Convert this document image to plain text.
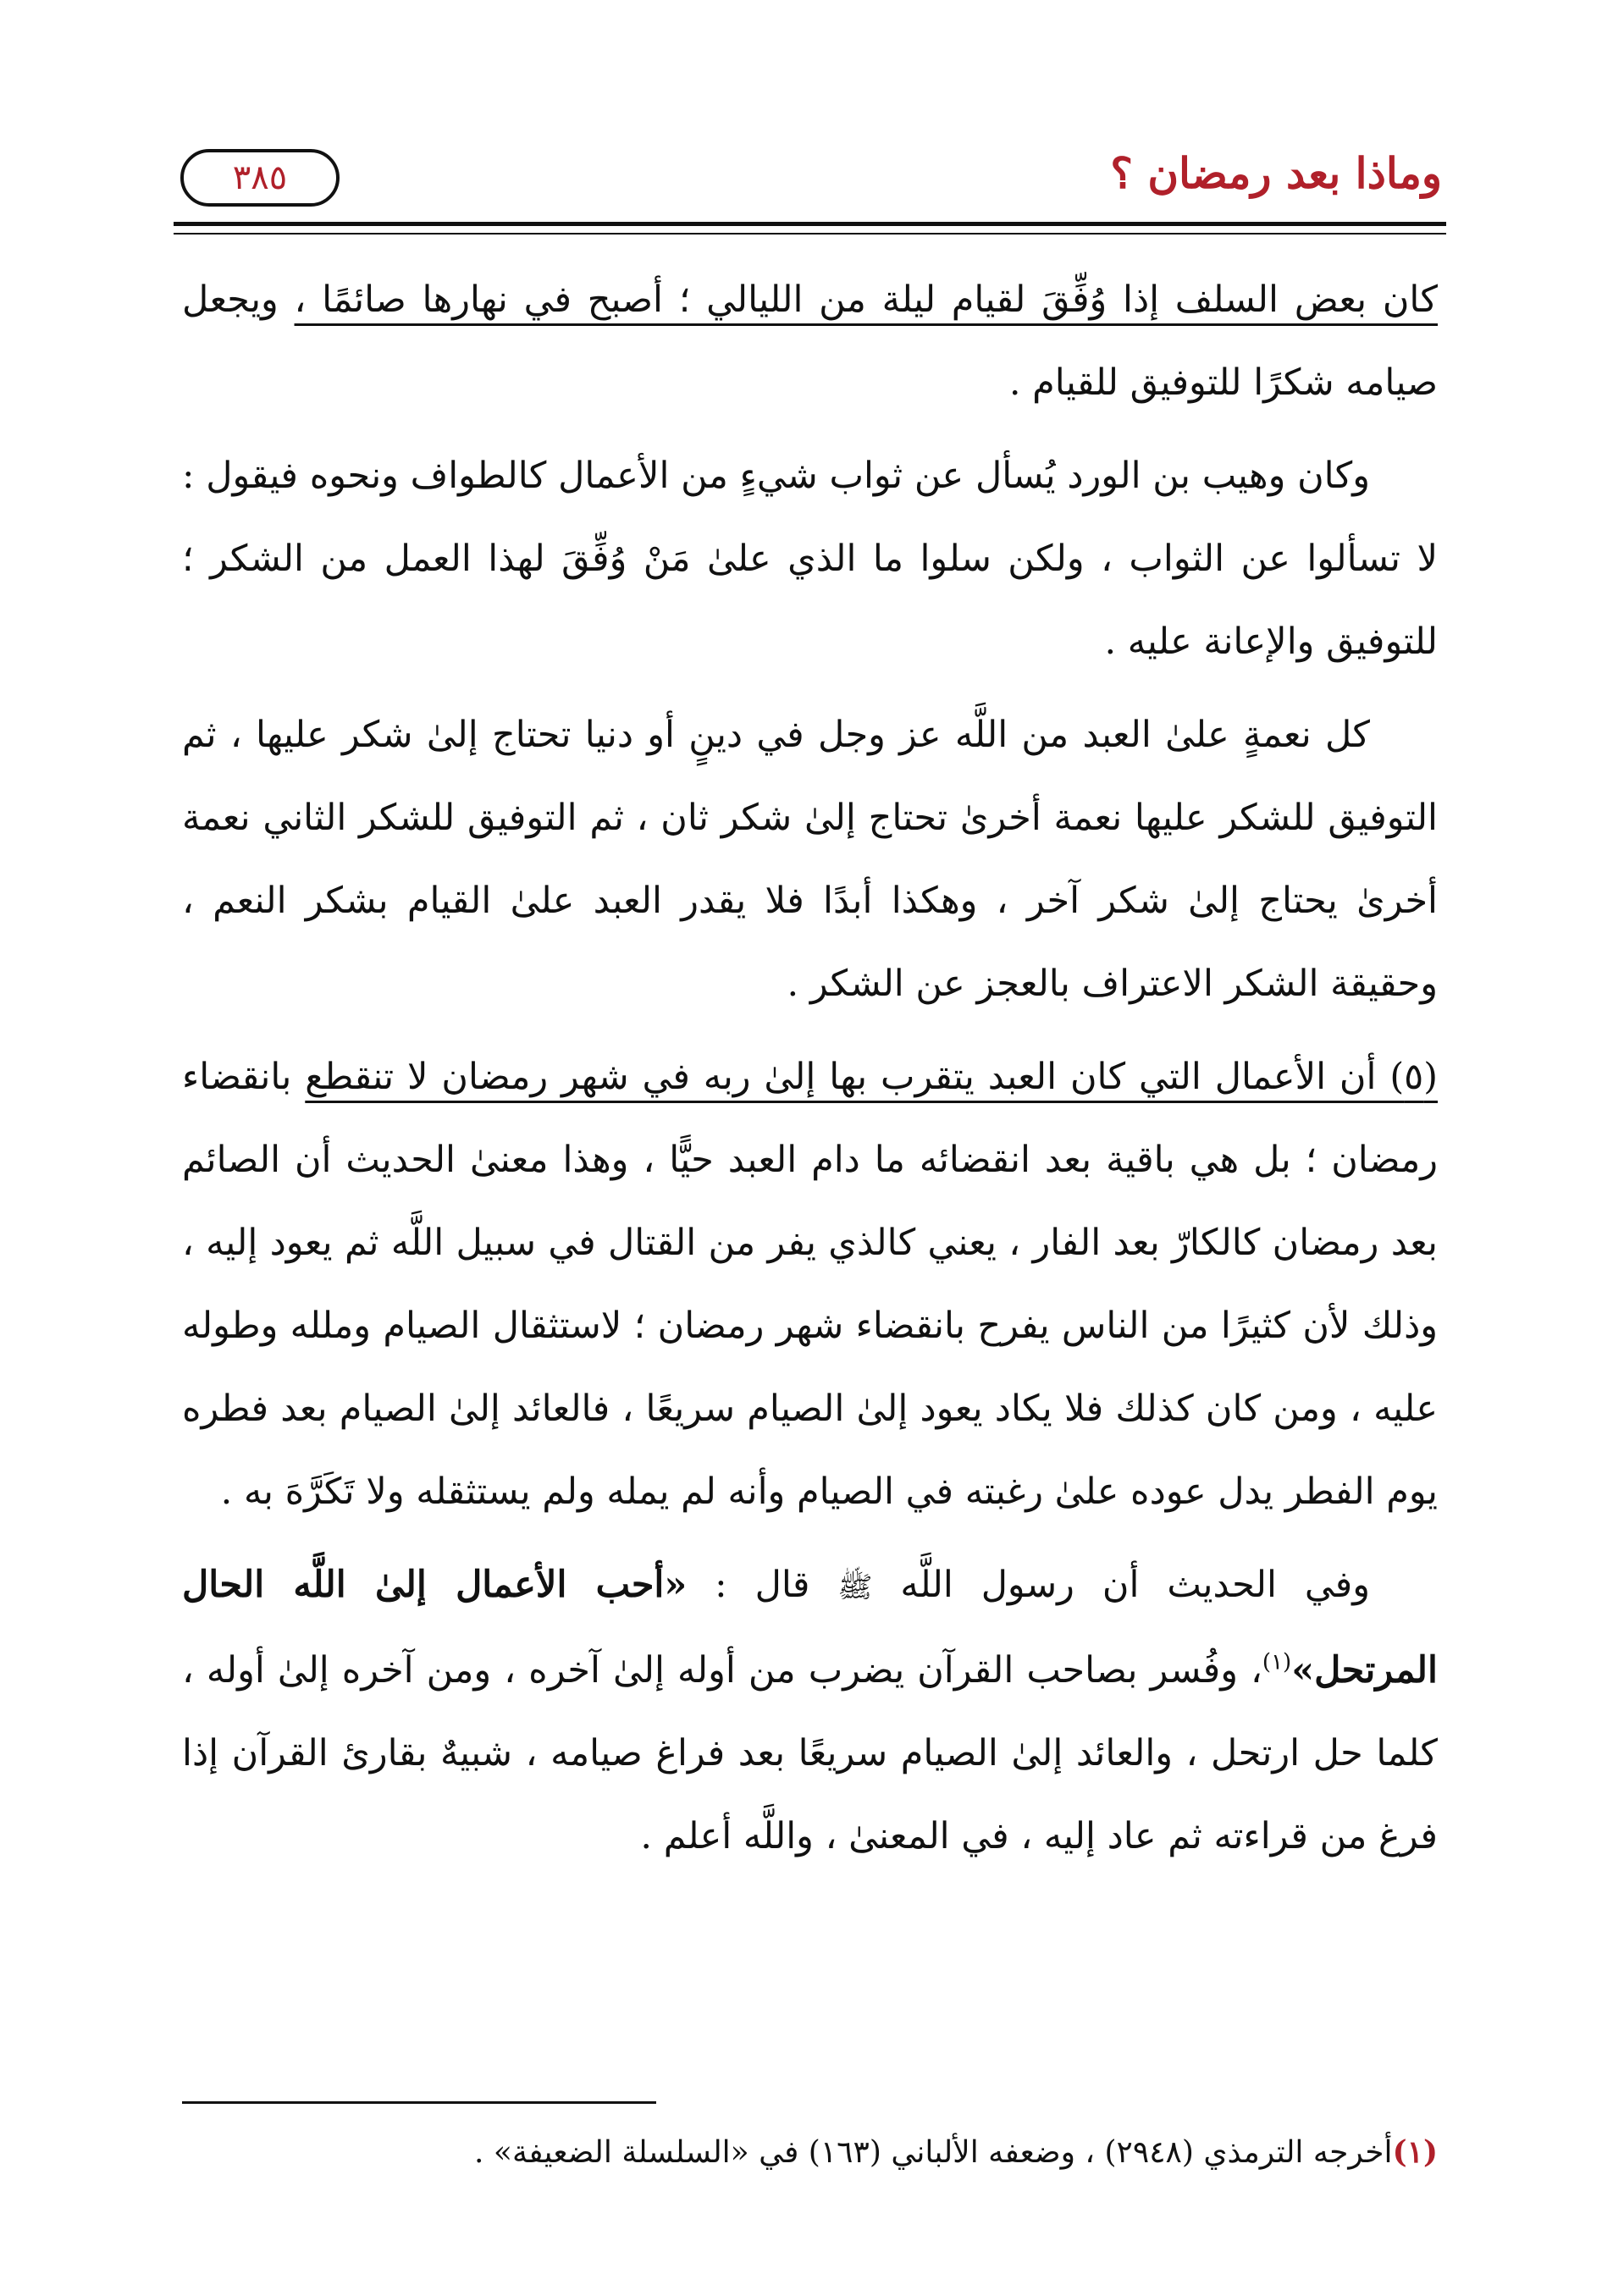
وماذا بعد رمضان ؟
٣٨٥

كان بعض السلف إذا وُفِّقَ لقيام ليلة من الليالي ؛ أصبح في نهارها صائمًا ، ويجعل صيامه شكرًا للتوفيق للقيام .

وكان وهيب بن الورد يُسأل عن ثواب شيءٍ من الأعمال كالطواف ونحوه فيقول : لا تسألوا عن الثواب ، ولكن سلوا ما الذي علىٰ مَنْ وُفِّقَ لهذا العمل من الشكر ؛ للتوفيق والإعانة عليه .

كل نعمةٍ علىٰ العبد من اللَّه عز وجل في دينٍ أو دنيا تحتاج إلىٰ شكر عليها ، ثم التوفيق للشكر عليها نعمة أخرىٰ تحتاج إلىٰ شكر ثان ، ثم التوفيق للشكر الثاني نعمة أخرىٰ يحتاج إلىٰ شكر آخر ، وهكذا أبدًا فلا يقدر العبد علىٰ القيام بشكر النعم ، وحقيقة الشكر الاعتراف بالعجز عن الشكر .

(٥) أن الأعمال التي كان العبد يتقرب بها إلىٰ ربه في شهر رمضان لا تنقطع بانقضاء رمضان ؛ بل هي باقية بعد انقضائه ما دام العبد حيًّا ، وهذا معنىٰ الحديث أن الصائم بعد رمضان كالكارّ بعد الفار ، يعني كالذي يفر من القتال في سبيل اللَّه ثم يعود إليه ، وذلك لأن كثيرًا من الناس يفرح بانقضاء شهر رمضان ؛ لاستثقال الصيام وملله وطوله عليه ، ومن كان كذلك فلا يكاد يعود إلىٰ الصيام سريعًا ، فالعائد إلىٰ الصيام بعد فطره يوم الفطر يدل عوده علىٰ رغبته في الصيام وأنه لم يمله ولم يستثقله ولا تَكَرَّهَ به .

وفي الحديث أن رسول اللَّه ﷺ قال : «أحب الأعمال إلىٰ اللَّه الحال المرتحل»$^{(١)}$، وفُسر بصاحب القرآن يضرب من أوله إلىٰ آخره ، ومن آخره إلىٰ أوله ، كلما حل ارتحل ، والعائد إلىٰ الصيام سريعًا بعد فراغ صيامه ، شبيهٌ بقارئ القرآن إذا فرغ من قراءته ثم عاد إليه ، في المعنىٰ ، واللَّه أعلم .

(١)أخرجه الترمذي (٢٩٤٨) ، وضعفه الألباني (١٦٣) في «السلسلة الضعيفة» .
